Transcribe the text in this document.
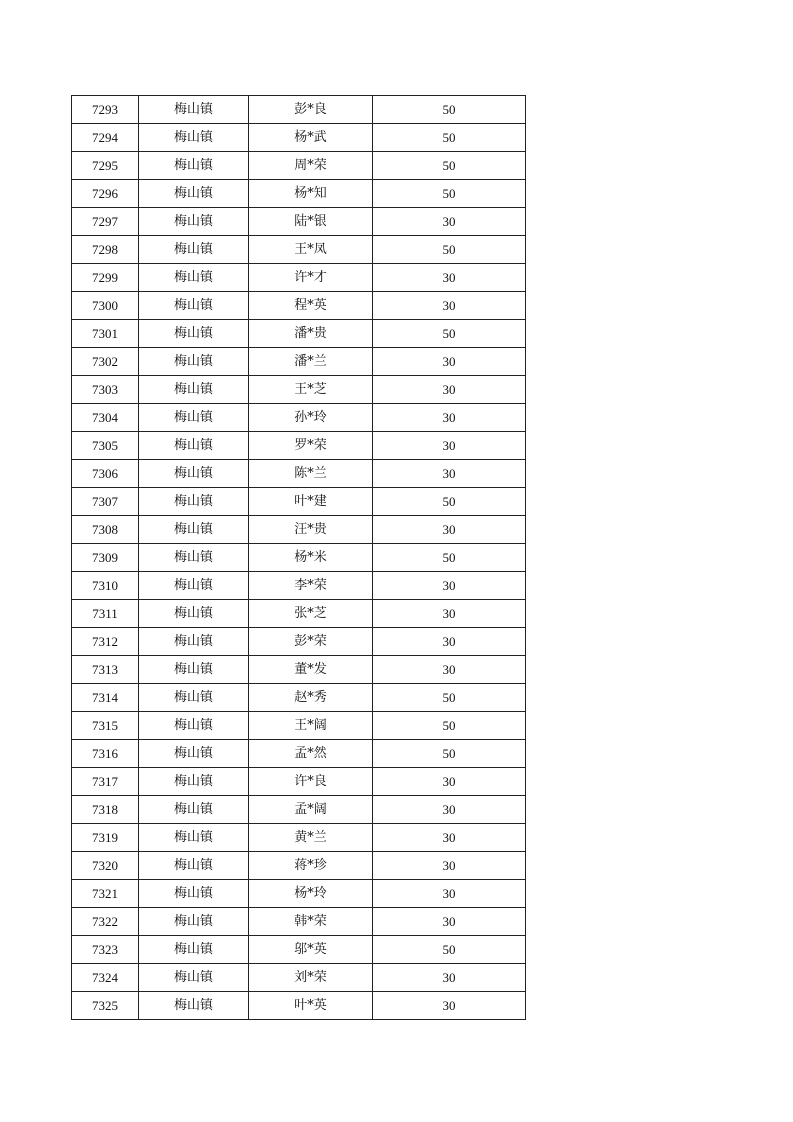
7293	梅山镇	彭*良	50
7294	梅山镇	杨*武	50
7295	梅山镇	周*荣	50
7296	梅山镇	杨*知	50
7297	梅山镇	陆*银	30
7298	梅山镇	王*凤	50
7299	梅山镇	许*才	30
7300	梅山镇	程*英	30
7301	梅山镇	潘*贵	50
7302	梅山镇	潘*兰	30
7303	梅山镇	王*芝	30
7304	梅山镇	孙*玲	30
7305	梅山镇	罗*荣	30
7306	梅山镇	陈*兰	30
7307	梅山镇	叶*建	50
7308	梅山镇	汪*贵	30
7309	梅山镇	杨*米	50
7310	梅山镇	李*荣	30
7311	梅山镇	张*芝	30
7312	梅山镇	彭*荣	30
7313	梅山镇	董*发	30
7314	梅山镇	赵*秀	50
7315	梅山镇	王*阔	50
7316	梅山镇	孟*然	50
7317	梅山镇	许*良	30
7318	梅山镇	孟*阔	30
7319	梅山镇	黄*兰	30
7320	梅山镇	蒋*珍	30
7321	梅山镇	杨*玲	30
7322	梅山镇	韩*荣	30
7323	梅山镇	邬*英	50
7324	梅山镇	刘*荣	30
7325	梅山镇	叶*英	30
